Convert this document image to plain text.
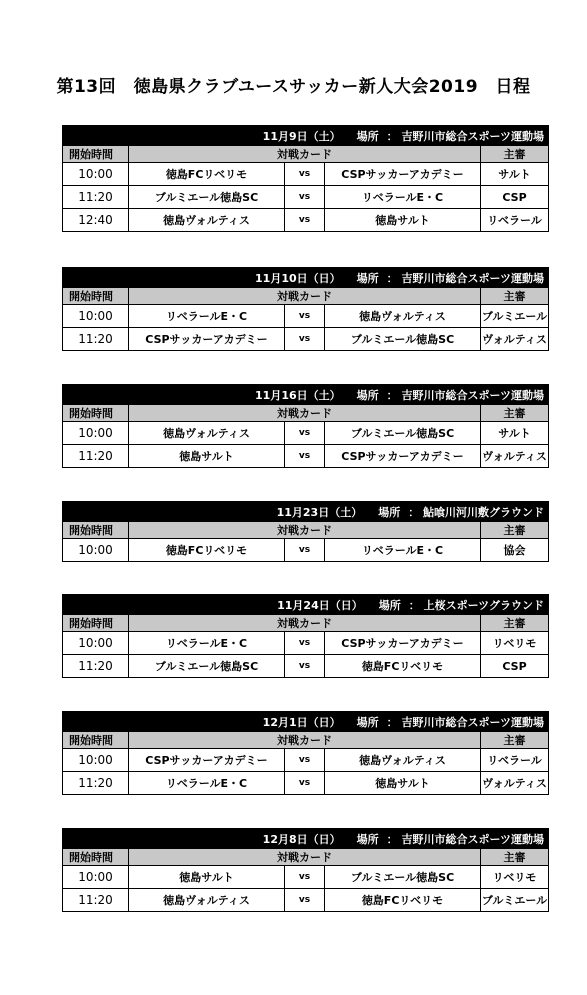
第13回　徳島県クラブユースサッカー新人大会2019　日程
11月9日（土） 場所 ： 吉野川市総合スポーツ運動場				
開始時間	対戦カード			主審
10:00	徳島FCリベリモ	vs	CSPサッカーアカデミー	サルト
11:20	ブルミエール徳島SC	vs	リベラールE・C	CSP
12:40	徳島ヴォルティス	vs	徳島サルト	リベラール
11月10日（日） 場所 ： 吉野川市総合スポーツ運動場				
開始時間	対戦カード			主審
10:00	リベラールE・C	vs	徳島ヴォルティス	ブルミエール
11:20	CSPサッカーアカデミー	vs	ブルミエール徳島SC	ヴォルティス
11月16日（土） 場所 ： 吉野川市総合スポーツ運動場				
開始時間	対戦カード			主審
10:00	徳島ヴォルティス	vs	ブルミエール徳島SC	サルト
11:20	徳島サルト	vs	CSPサッカーアカデミー	ヴォルティス
11月23日（土） 場所 ： 鮎喰川河川敷グラウンド				
開始時間	対戦カード			主審
10:00	徳島FCリベリモ	vs	リベラールE・C	協会
11月24日（日） 場所 ： 上桜スポーツグラウンド				
開始時間	対戦カード			主審
10:00	リベラールE・C	vs	CSPサッカーアカデミー	リベリモ
11:20	ブルミエール徳島SC	vs	徳島FCリベリモ	CSP
12月1日（日） 場所 ： 吉野川市総合スポーツ運動場				
開始時間	対戦カード			主審
10:00	CSPサッカーアカデミー	vs	徳島ヴォルティス	リベラール
11:20	リベラールE・C	vs	徳島サルト	ヴォルティス
12月8日（日） 場所 ： 吉野川市総合スポーツ運動場				
開始時間	対戦カード			主審
10:00	徳島サルト	vs	ブルミエール徳島SC	リベリモ
11:20	徳島ヴォルティス	vs	徳島FCリベリモ	ブルミエール
